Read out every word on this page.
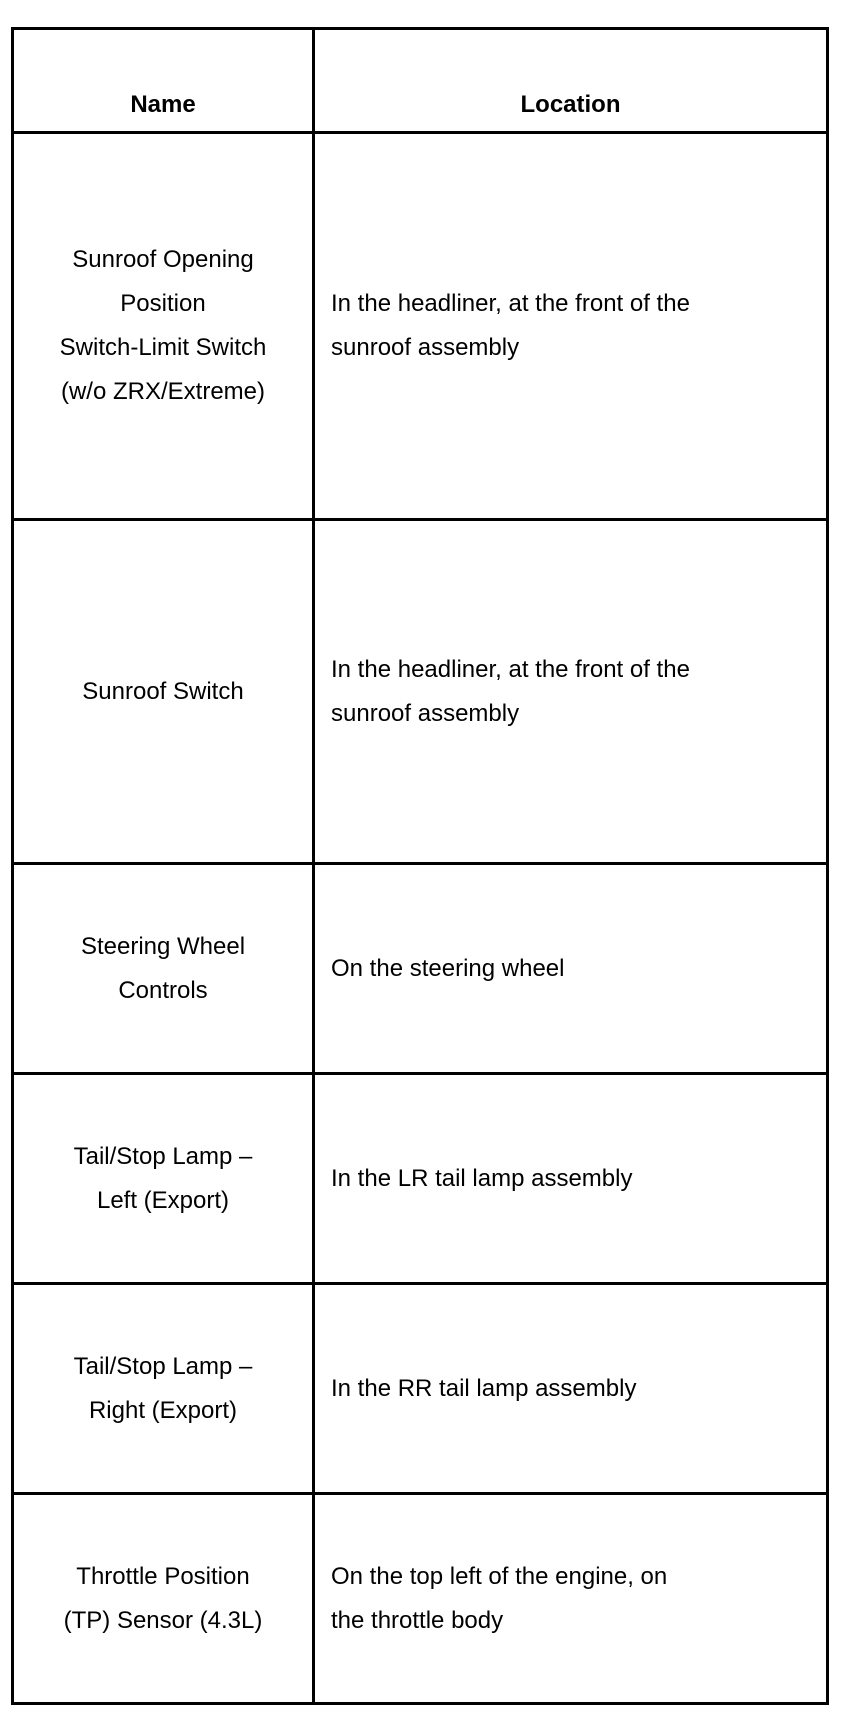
Name	Location
Sunroof Opening
Position
Switch-Limit Switch
(w/o ZRX/Extreme)	In the headliner, at the front of the
sunroof assembly
Sunroof Switch	In the headliner, at the front of the
sunroof assembly
Steering Wheel
Controls	On the steering wheel
Tail/Stop Lamp –
Left (Export)	In the LR tail lamp assembly
Tail/Stop Lamp –
Right (Export)	In the RR tail lamp assembly
Throttle Position
(TP) Sensor (4.3L)	On the top left of the engine, on
the throttle body
